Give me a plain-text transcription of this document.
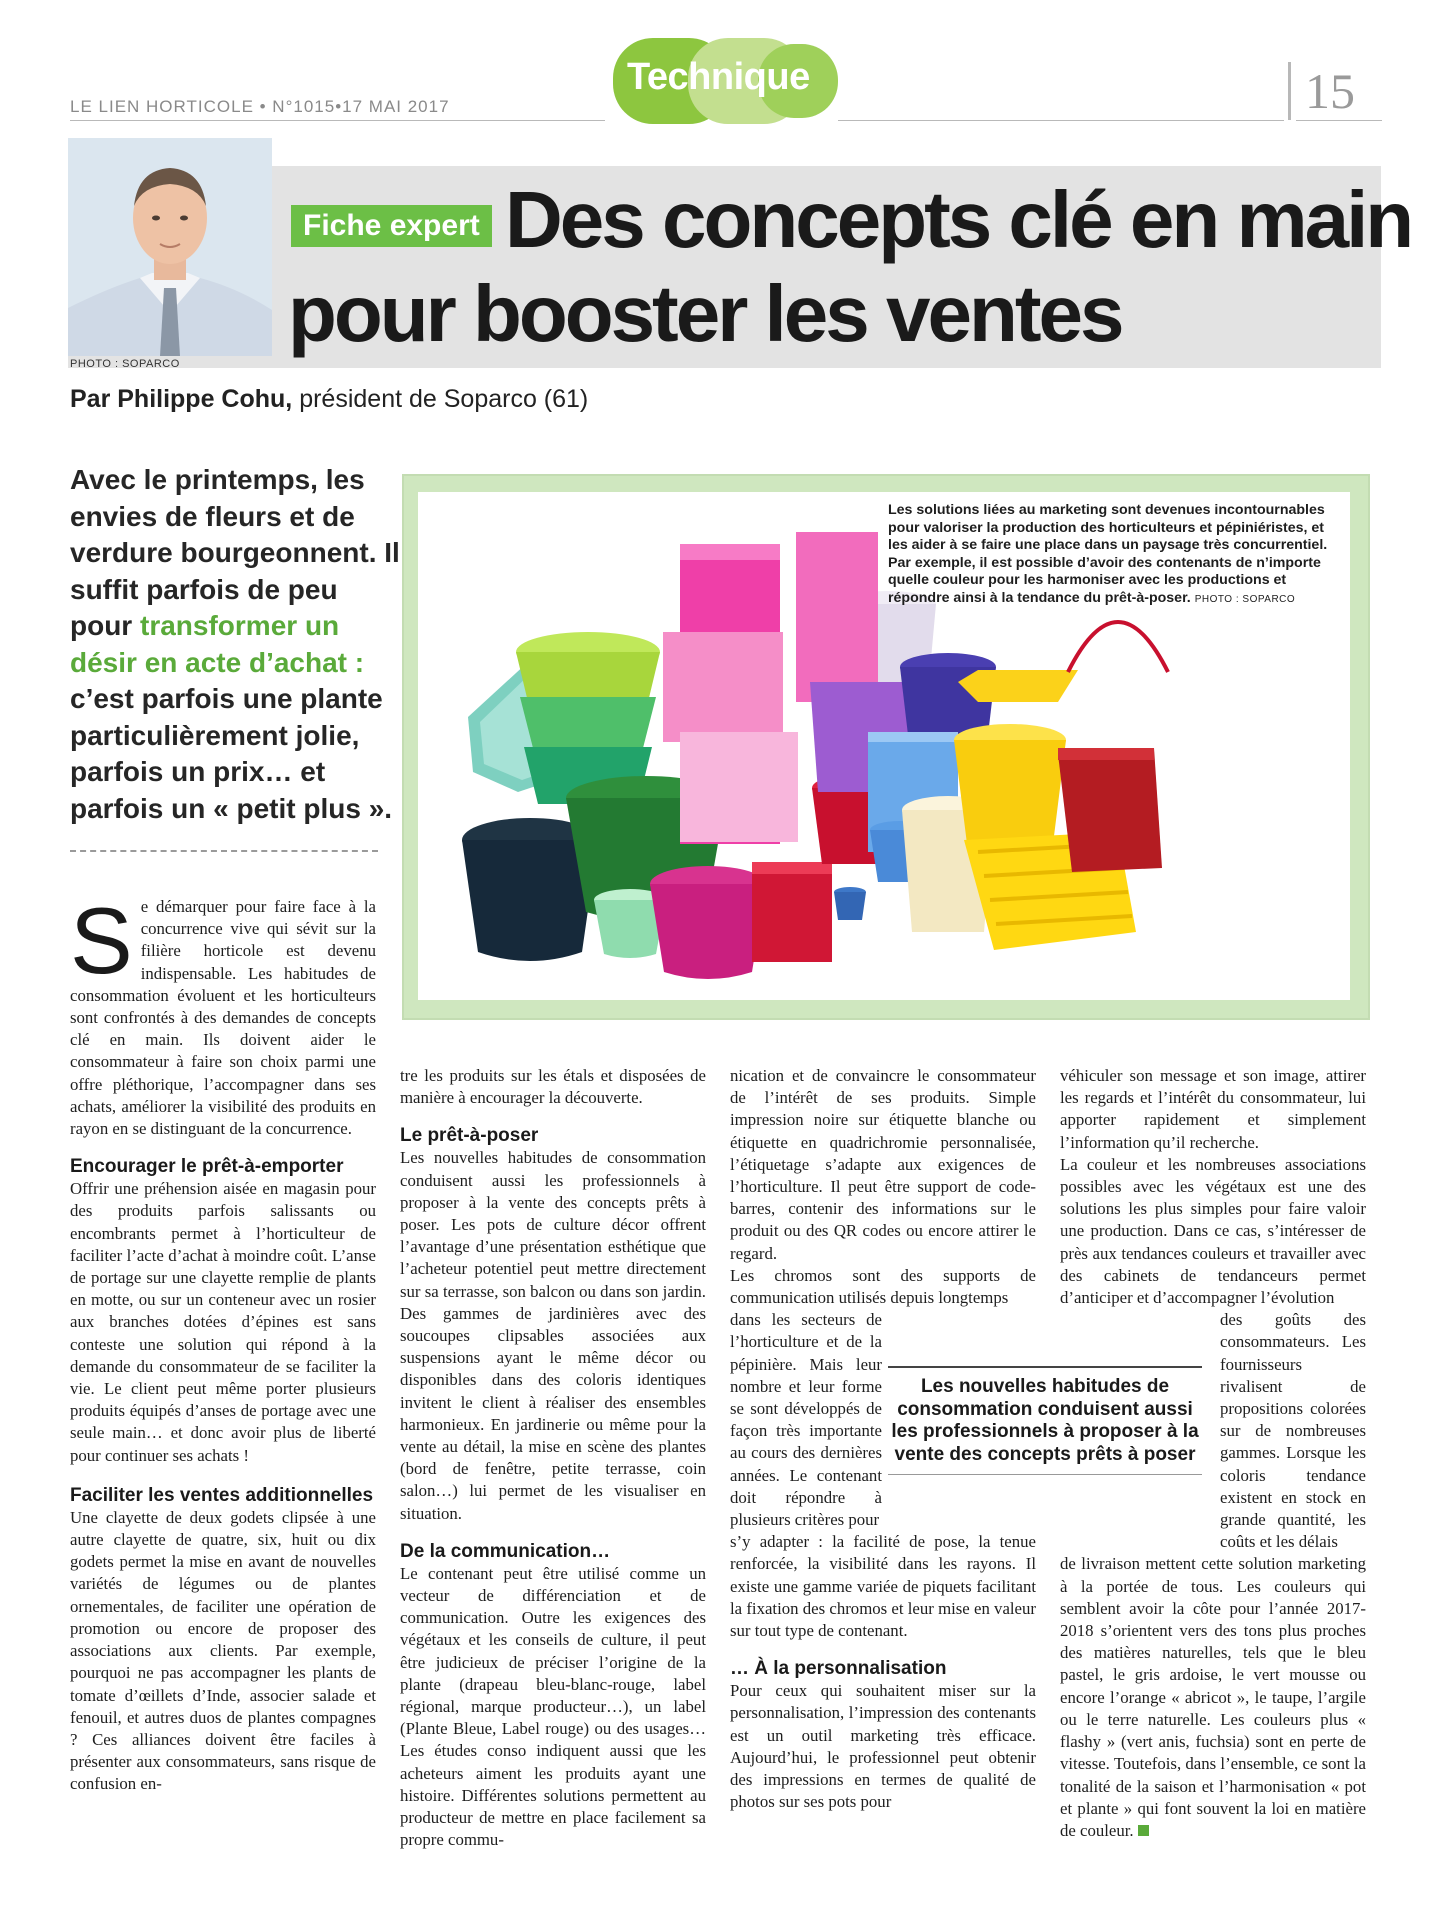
LE LIEN HORTICOLE • N°1015•17 MAI 2017
Technique	15
PHOTO : SOPARCO
Fiche expert Des concepts clé en main
pour booster les ventes
Par Philippe Cohu, président de Soparco (61)
Avec le printemps, les envies de fleurs et de verdure bourgeonnent. Il suffit parfois de peu pour transformer un désir en acte d’achat : c’est parfois une plante particulièrement jolie, parfois un prix… et parfois un « petit plus ».
Les solutions liées au marketing sont devenues incontournables pour valoriser la production des horticulteurs et pépiniéristes, et les aider à se faire une place dans un paysage très concurrentiel. Par exemple, il est possible d’avoir des contenants de n’importe quelle couleur pour les harmoniser avec les productions et répondre ainsi à la tendance du prêt-à-poser. PHOTO : SOPARCO

Se démarquer pour faire face à la concurrence vive qui sévit sur la filière horticole est devenu indispensable. Les habitudes de consommation évoluent et les horticulteurs sont confrontés à des demandes de concepts clé en main. Ils doivent aider le consommateur à faire son choix parmi une offre pléthorique, l’accompagner dans ses achats, améliorer la visibilité des produits en rayon en se distinguant de la concurrence.

Encourager le prêt-à-emporter

Offrir une préhension aisée en magasin pour des produits parfois salissants ou encombrants permet à l’horticulteur de faciliter l’acte d’achat à moindre coût. L’anse de portage sur une clayette remplie de plants en motte, ou sur un conteneur avec un rosier aux branches dotées d’épines est sans conteste une solution qui répond à la demande du consommateur de se faciliter la vie. Le client peut même porter plusieurs produits équipés d’anses de portage avec une seule main… et donc avoir plus de liberté pour continuer ses achats !

Faciliter les ventes additionnelles

Une clayette de deux godets clipsée à une autre clayette de quatre, six, huit ou dix godets permet la mise en avant de nouvelles variétés de légumes ou de plantes ornementales, de faciliter une opération de promotion ou encore de proposer des associations aux clients. Par exemple, pourquoi ne pas accompagner les plants de tomate d’œillets d’Inde, associer salade et fenouil, et autres duos de plantes compagnes ? Ces alliances doivent être faciles à présenter aux consommateurs, sans risque de confusion en-

tre les produits sur les étals et disposées de manière à encourager la découverte.

Le prêt-à-poser

Les nouvelles habitudes de consommation conduisent aussi les professionnels à proposer à la vente des concepts prêts à poser. Les pots de culture décor offrent l’avantage d’une présentation esthétique que l’acheteur potentiel peut mettre directement sur sa terrasse, son balcon ou dans son jardin. Des gammes de jardinières avec des soucoupes clipsables associées aux suspensions ayant le même décor ou disponibles dans des coloris identiques invitent le client à réaliser des ensembles harmonieux. En jardinerie ou même pour la vente au détail, la mise en scène des plantes (bord de fenêtre, petite terrasse, coin salon…) lui permet de les visualiser en situation.

De la communication…

Le contenant peut être utilisé comme un vecteur de différenciation et de communication. Outre les exigences des végétaux et les conseils de culture, il peut être judicieux de préciser l’origine de la plante (drapeau bleu-blanc-rouge, label régional, marque producteur…), un label (Plante Bleue, Label rouge) ou des usages… Les études conso indiquent aussi que les acheteurs aiment les produits ayant une histoire. Différentes solutions permettent au producteur de mettre en place facilement sa propre commu-

nication et de convaincre le consommateur de l’intérêt de ses produits. Simple impression noire sur étiquette blanche ou étiquette en quadrichromie personnalisée, l’étiquetage s’adapte aux exigences de l’horticulture. Il peut être support de code-barres, contenir des informations sur le produit ou des QR codes ou encore attirer le regard.

Les chromos sont des supports de communication utilisés depuis longtemps

dans les secteurs de l’horticulture et de la pépinière. Mais leur nombre et leur forme se sont développés de façon très importante au cours des dernières années. Le contenant doit répondre à plusieurs critères pour

s’y adapter : la facilité de pose, la tenue renforcée, la visibilité dans les rayons. Il existe une gamme variée de piquets facilitant la fixation des chromos et leur mise en valeur sur tout type de contenant.

… À la personnalisation

Pour ceux qui souhaitent miser sur la personnalisation, l’impression des contenants est un outil marketing très efficace. Aujourd’hui, le professionnel peut obtenir des impressions en termes de qualité de photos sur ses pots pour

véhiculer son message et son image, attirer les regards et l’intérêt du consommateur, lui apporter rapidement et simplement l’information qu’il recherche.

La couleur et les nombreuses associations possibles avec les végétaux est une des solutions les plus simples pour faire valoir une production. Dans ce cas, s’intéresser de près aux tendances couleurs et travailler avec des cabinets de tendanceurs permet d’anticiper et d’accompagner l’évolution

des goûts des consommateurs. Les fournisseurs rivalisent de propositions colorées sur de nombreuses gammes. Lorsque les coloris tendance existent en stock en grande quantité, les coûts et les délais

de livraison mettent cette solution marketing à la portée de tous. Les couleurs qui semblent avoir la côte pour l’année 2017-2018 s’orientent vers des tons plus proches des matières naturelles, tels que le bleu pastel, le gris ardoise, le vert mousse ou encore l’orange « abricot », le taupe, l’argile ou le terre naturelle. Les couleurs plus « flashy » (vert anis, fuchsia) sont en perte de vitesse. Toutefois, dans l’ensemble, ce sont la tonalité de la saison et l’harmonisation « pot et plante » qui font souvent la loi en matière de couleur.

Les nouvelles habitudes de consommation conduisent aussi les professionnels à proposer à la vente des concepts prêts à poser
